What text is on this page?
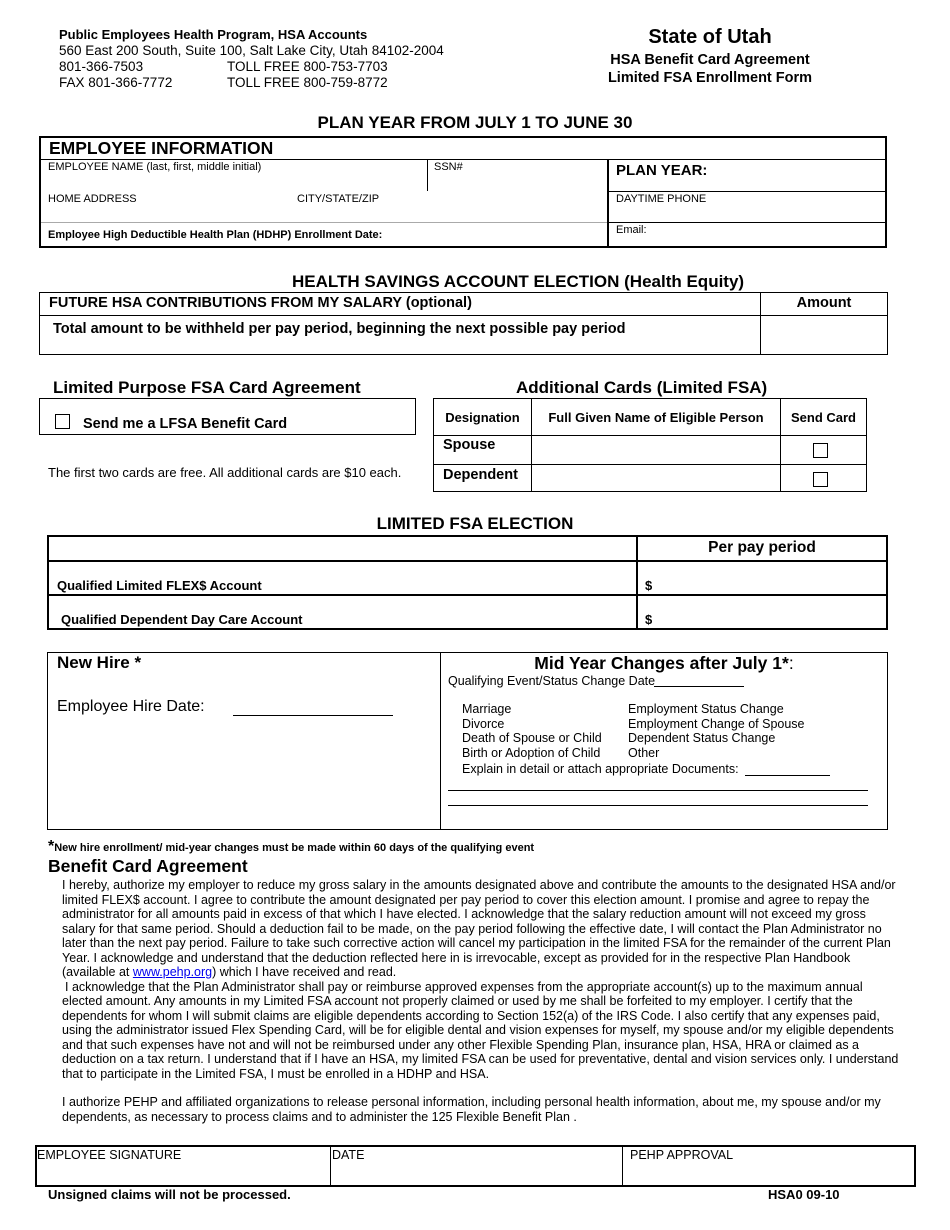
Public Employees Health Program, HSA Accounts
560 East 200 South, Suite 100, Salt Lake City, Utah 84102-2004
801-366-7503	TOLL FREE 800-753-7703
FAX 801-366-7772	TOLL FREE 800-759-8772
State of Utah
HSA Benefit Card Agreement
Limited FSA Enrollment Form
PLAN YEAR FROM JULY 1 TO JUNE 30
EMPLOYEE INFORMATION
EMPLOYEE NAME (last, first, middle initial)	SSN#	PLAN YEAR:
HOME ADDRESS	CITY/STATE/ZIP	DAYTIME PHONE
Employee High Deductible Health Plan (HDHP) Enrollment Date:	Email:
HEALTH SAVINGS ACCOUNT ELECTION (Health Equity)
FUTURE HSA CONTRIBUTIONS FROM MY SALARY (optional)	Amount
Total amount to be withheld per pay period, beginning the next possible pay period
Limited Purpose FSA Card Agreement
Send me a LFSA Benefit Card
The first two cards are free. All additional cards are $10 each.
Additional Cards (Limited FSA)
Designation	Full Given Name of Eligible Person	Send Card
Spouse
Dependent
LIMITED FSA ELECTION
Per pay period
Qualified Limited FLEX$ Account	$
Qualified Dependent Day Care Account	$
New Hire *
Employee Hire Date:
Mid Year Changes after July 1*:
Qualifying Event/Status Change Date
Marriage
Divorce
Death of Spouse or Child
Birth or Adoption of Child
Employment Status Change
Employment Change of Spouse
Dependent Status Change
Other
Explain in detail or attach appropriate Documents:
*New hire enrollment/ mid-year changes must be made within 60 days of the qualifying event
Benefit Card Agreement
I hereby, authorize my employer to reduce my gross salary in the amounts designated above and contribute the amounts to the designated HSA and/or limited FLEX$ account. I agree to contribute the amount designated per pay period to cover this election amount. I promise and agree to repay the administrator for all amounts paid in excess of that which I have elected. I acknowledge that the salary reduction amount will not exceed my gross salary for that same period. Should a deduction fail to be made, on the pay period following the effective date, I will contact the Plan Administrator no later than the next pay period. Failure to take such corrective action will cancel my participation in the limited FSA for the remainder of the current Plan Year. I acknowledge and understand that the deduction reflected here in is irrevocable, except as provided for in the respective Plan Handbook (available at www.pehp.org) which I have received and read.
I acknowledge that the Plan Administrator shall pay or reimburse approved expenses from the appropriate account(s) up to the maximum annual elected amount. Any amounts in my Limited FSA account not properly claimed or used by me shall be forfeited to my employer. I certify that the dependents for whom I will submit claims are eligible dependents according to Section 152(a) of the IRS Code. I also certify that any expenses paid, using the administrator issued Flex Spending Card, will be for eligible dental and vision expenses for myself, my spouse and/or my eligible dependents and that such expenses have not and will not be reimbursed under any other Flexible Spending Plan, insurance plan, HSA, HRA or claimed as a deduction on a tax return. I understand that if I have an HSA, my limited FSA can be used for preventative, dental and vision services only. I understand that to participate in the Limited FSA, I must be enrolled in a HDHP and HSA.
I authorize PEHP and affiliated organizations to release personal information, including personal health information, about me, my spouse and/or my dependents, as necessary to process claims and to administer the 125 Flexible Benefit Plan .
EMPLOYEE SIGNATURE	DATE	PEHP APPROVAL
Unsigned claims will not be processed.	HSA0 09-10
